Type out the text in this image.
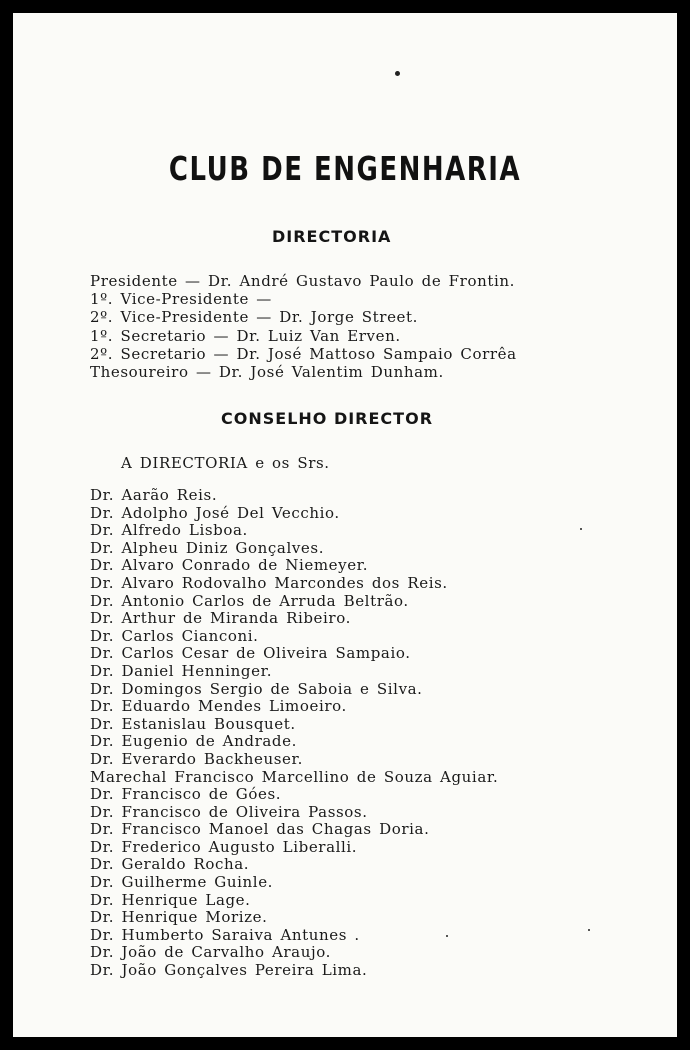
CLUB DE ENGENHARIA
DIRECTORIA
Presidente — Dr. André Gustavo Paulo de Frontin.
1º. Vice-Presidente —
2º. Vice-Presidente — Dr. Jorge Street.
1º. Secretario — Dr. Luiz Van Erven.
2º. Secretario — Dr. José Mattoso Sampaio Corrêa
Thesoureiro — Dr. José Valentim Dunham.
CONSELHO DIRECTOR

A DIRECTORIA e os Srs.

Dr. Aarão Reis.
Dr. Adolpho José Del Vecchio.
Dr. Alfredo Lisboa.
Dr. Alpheu Diniz Gonçalves.
Dr. Alvaro Conrado de Niemeyer.
Dr. Alvaro Rodovalho Marcondes dos Reis.
Dr. Antonio Carlos de Arruda Beltrão.
Dr. Arthur de Miranda Ribeiro.
Dr. Carlos Cianconi.
Dr. Carlos Cesar de Oliveira Sampaio.
Dr. Daniel Henninger.
Dr. Domingos Sergio de Saboia e Silva.
Dr. Eduardo Mendes Limoeiro.
Dr. Estanislau Bousquet.
Dr. Eugenio de Andrade.
Dr. Everardo Backheuser.
Marechal Francisco Marcellino de Souza Aguiar.
Dr. Francisco de Góes.
Dr. Francisco de Oliveira Passos.
Dr. Francisco Manoel das Chagas Doria.
Dr. Frederico Augusto Liberalli.
Dr. Geraldo Rocha.
Dr. Guilherme Guinle.
Dr. Henrique Lage.
Dr. Henrique Morize.
Dr. Humberto Saraiva Antunes .
Dr. João de Carvalho Araujo.
Dr. João Gonçalves Pereira Lima.
